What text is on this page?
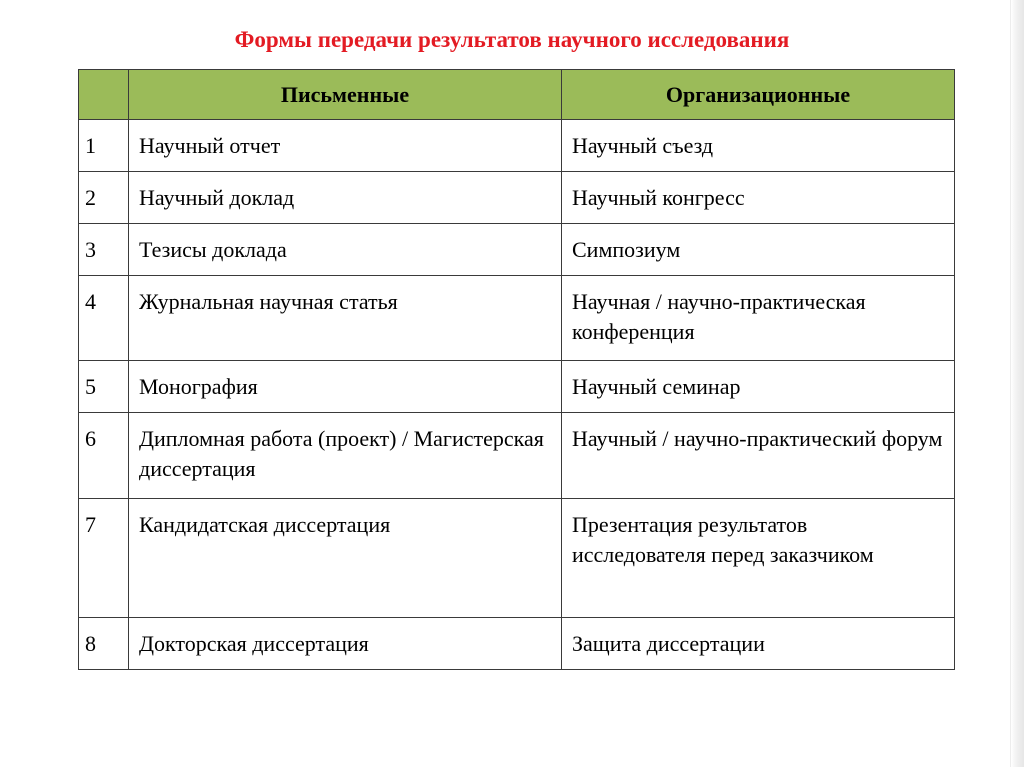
Формы передачи результатов научного исследования
	Письменные	Организационные
1	Научный отчет	Научный съезд
2	Научный доклад	Научный конгресс
3	Тезисы доклада	Симпозиум
4	Журнальная научная статья	Научная / научно-практическая конференция
5	Монография	Научный семинар
6	Дипломная работа (проект) / Магистерская диссертация	Научный / научно-практический форум
7	Кандидатская диссертация	Презентация результатов исследователя перед заказчиком
8	Докторская диссертация	Защита диссертации
